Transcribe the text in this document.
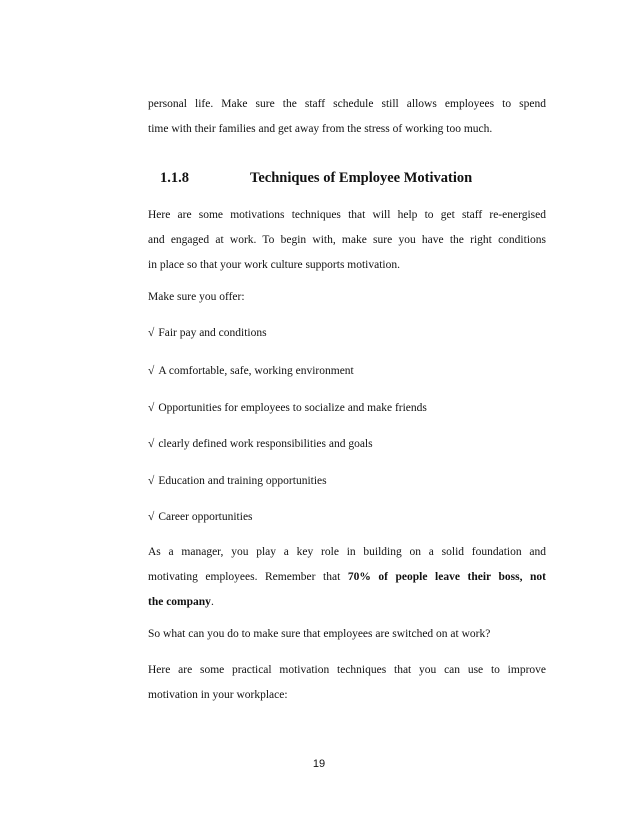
personal life. Make sure the staff schedule still allows employees to spend
time with their families and get away from the stress of working too much.

1.1.8	Techniques of Employee Motivation

Here are some motivations techniques that will help to get staff re-energised
and engaged at work. To begin with, make sure you have the right conditions
in place so that your work culture supports motivation.

Make sure you offer:

√ Fair pay and conditions

√ A comfortable, safe, working environment

√ Opportunities for employees to socialize and make friends

√ clearly defined work responsibilities and goals

√ Education and training opportunities

√ Career opportunities

As a manager, you play a key role in building on a solid foundation and
motivating employees. Remember that 70% of people leave their boss, not
the company.

So what can you do to make sure that employees are switched on at work?

Here are some practical motivation techniques that you can use to improve
motivation in your workplace:

19
